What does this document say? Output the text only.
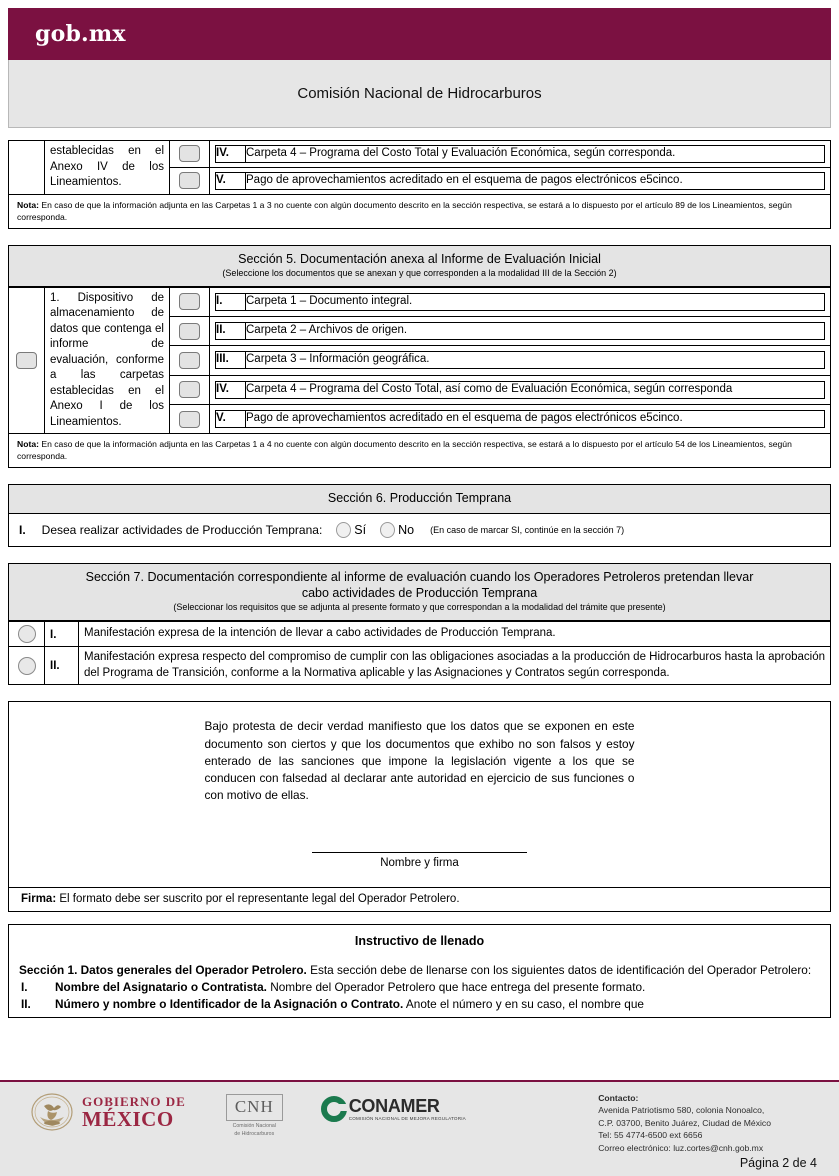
gob.mx
Comisión Nacional de Hidrocarburos
	establecidas en el Anexo IV de los Lineamientos.	

IV.	Carpeta 4 – Programa del Costo Total y Evaluación Económica, según corresponda.

V.	Pago de aprovechamientos acreditado en el esquema de pagos electrónicos e5cinco.
Nota: En caso de que la información adjunta en las Carpetas 1 a 3 no cuente con algún documento descrito en la sección respectiva, se estará a lo dispuesto por el artículo 89 de los Lineamientos, según corresponda.
Sección 5. Documentación anexa al Informe de Evaluación Inicial
(Seleccione los documentos que se anexan y que corresponden a la modalidad III de la Sección 2)
	1. Dispositivo de almacenamiento de datos que contenga el informe de evaluación, conforme a las carpetas establecidas en el Anexo I de los Lineamientos.	

I.	Carpeta 1 – Documento integral.

II.	Carpeta 2 – Archivos de origen.

III.	Carpeta 3 – Información geográfica.

IV.	Carpeta 4 – Programa del Costo Total, así como de Evaluación Económica, según corresponda

V.	Pago de aprovechamientos acreditado en el esquema de pagos electrónicos e5cinco.
Nota: En caso de que la información adjunta en las Carpetas 1 a 4 no cuente con algún documento descrito en la sección respectiva, se estará a lo dispuesto por el artículo 54 de los Lineamientos, según corresponda.
Sección 6. Producción Temprana
I. Desea realizar actividades de Producción Temprana:	Sí	No (En caso de marcar SI, continúe en la sección 7)
Sección 7. Documentación correspondiente al informe de evaluación cuando los Operadores Petroleros pretendan llevar
cabo actividades de Producción Temprana
(Seleccionar los requisitos que se adjunta al presente formato y que correspondan a la modalidad del trámite que presente)
	I.	Manifestación expresa de la intención de llevar a cabo actividades de Producción Temprana.

	II.	Manifestación expresa respecto del compromiso de cumplir con las obligaciones asociadas a la producción de Hidrocarburos hasta la aprobación del Programa de Transición, conforme a la Normativa aplicable y las Asignaciones y Contratos según corresponda.
Bajo protesta de decir verdad manifiesto que los datos que se exponen en este documento son ciertos y que los documentos que exhibo no son falsos y estoy enterado de las sanciones que impone la legislación vigente a los que se conducen con falsedad al declarar ante autoridad en ejercicio de sus funciones o con motivo de ellas.
Nombre y firma
Firma: El formato debe ser suscrito por el representante legal del Operador Petrolero.
Instructivo de llenado
Sección 1. Datos generales del Operador Petrolero. Esta sección debe de llenarse con los siguientes datos de identificación del Operador Petrolero:
I.	Nombre del Asignatario o Contratista. Nombre del Operador Petrolero que hace entrega del presente formato.
II.	Número y nombre o Identificador de la Asignación o Contrato. Anote el número y en su caso, el nombre que
GOBIERNO DE
MÉXICO	CNH
Comisión Nacional
de Hidrocarburos
CONAMER
COMISIÓN NACIONAL DE MEJORA REGULATORIA
Contacto:
Avenida Patriotismo 580, colonia Nonoalco,
C.P. 03700, Benito Juárez, Ciudad de México
Tel: 55 4774-6500 ext 6656
Correo electrónico: luz.cortes@cnh.gob.mx
Página 2 de 4
